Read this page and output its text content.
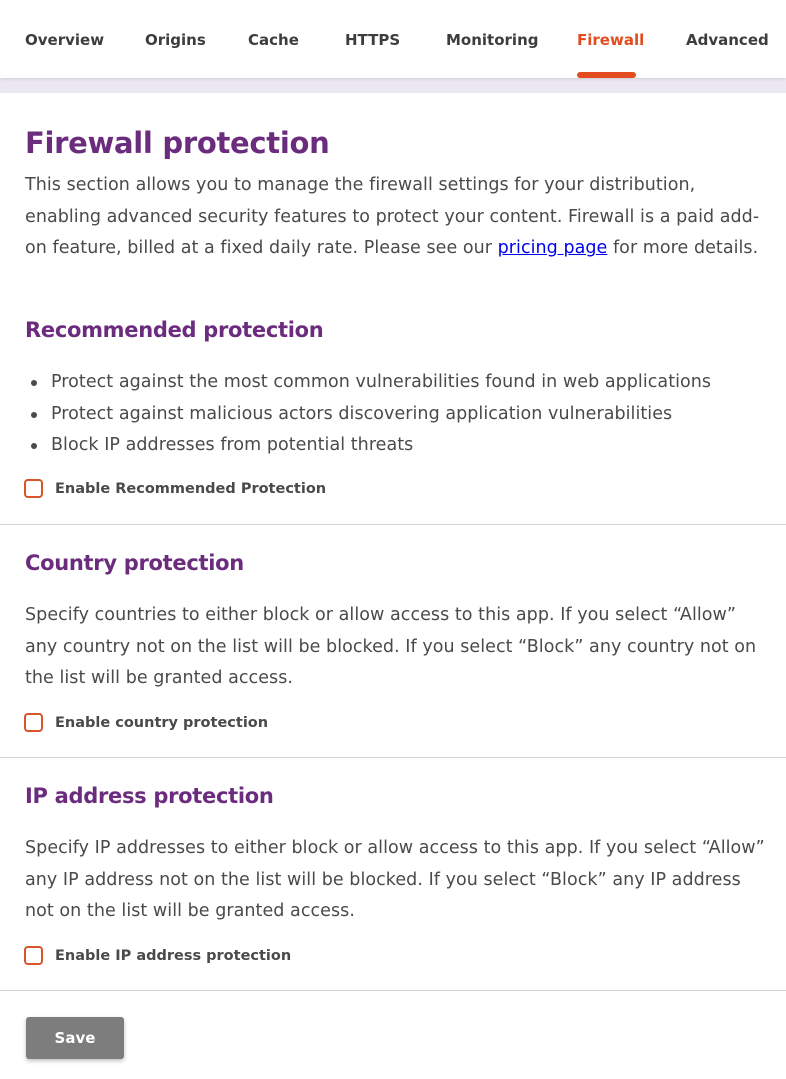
Overview	Origins	Cache	HTTPS	Monitoring	Firewall	Advanced
Firewall protection

This section allows you to manage the firewall settings for your distribution, enabling advanced security features to protect your content. Firewall is a paid add-on feature, billed at a fixed daily rate. Please see our pricing page for more details.

Recommended protection
Protect against the most common vulnerabilities found in web applications
Protect against malicious actors discovering application vulnerabilities
Block IP addresses from potential threats
Enable Recommended Protection
Country protection

Specify countries to either block or allow access to this app. If you select “Allow” any country not on the list will be blocked. If you select “Block” any country not on the list will be granted access.

Enable country protection
IP address protection

Specify IP addresses to either block or allow access to this app. If you select “Allow” any IP address not on the list will be blocked. If you select “Block” any IP address not on the list will be granted access.

Enable IP address protection
Save
